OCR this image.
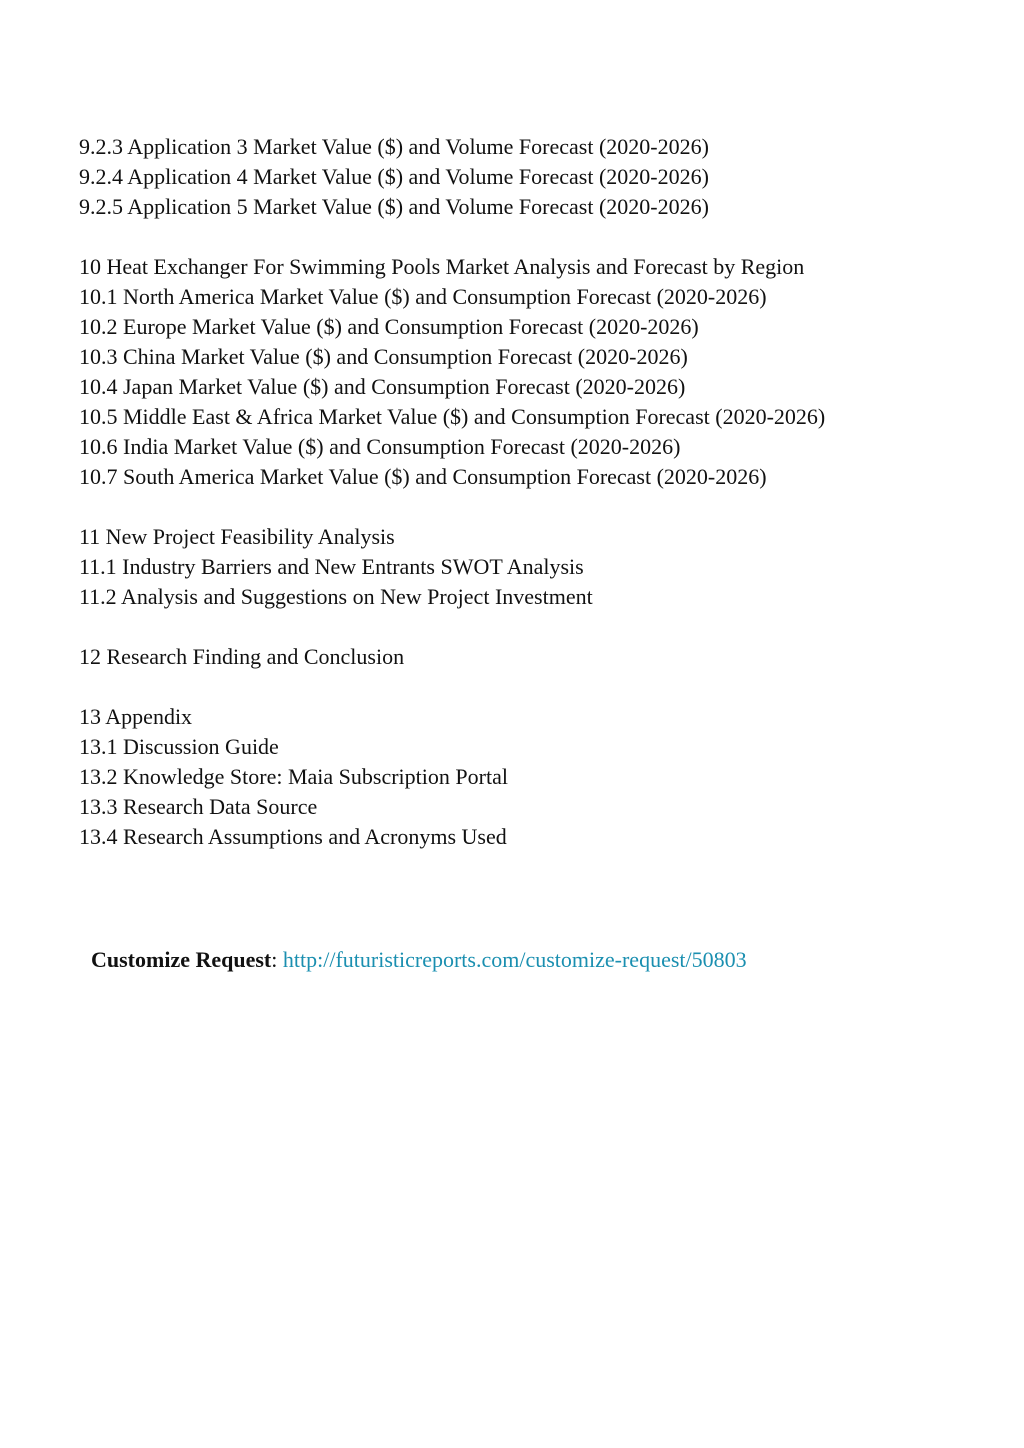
9.2.3 Application 3 Market Value ($) and Volume Forecast (2020-2026)
9.2.4 Application 4 Market Value ($) and Volume Forecast (2020-2026)
9.2.5 Application 5 Market Value ($) and Volume Forecast (2020-2026)
10 Heat Exchanger For Swimming Pools Market Analysis and Forecast by Region
10.1 North America Market Value ($) and Consumption Forecast (2020-2026)
10.2 Europe Market Value ($) and Consumption Forecast (2020-2026)
10.3 China Market Value ($) and Consumption Forecast (2020-2026)
10.4 Japan Market Value ($) and Consumption Forecast (2020-2026)
10.5 Middle East & Africa Market Value ($) and Consumption Forecast (2020-2026)
10.6 India Market Value ($) and Consumption Forecast (2020-2026)
10.7 South America Market Value ($) and Consumption Forecast (2020-2026)
11 New Project Feasibility Analysis
11.1 Industry Barriers and New Entrants SWOT Analysis
11.2 Analysis and Suggestions on New Project Investment
12 Research Finding and Conclusion
13 Appendix
13.1 Discussion Guide
13.2 Knowledge Store: Maia Subscription Portal
13.3 Research Data Source
13.4 Research Assumptions and Acronyms Used
Customize Request: http://futuristicreports.com/customize-request/50803
